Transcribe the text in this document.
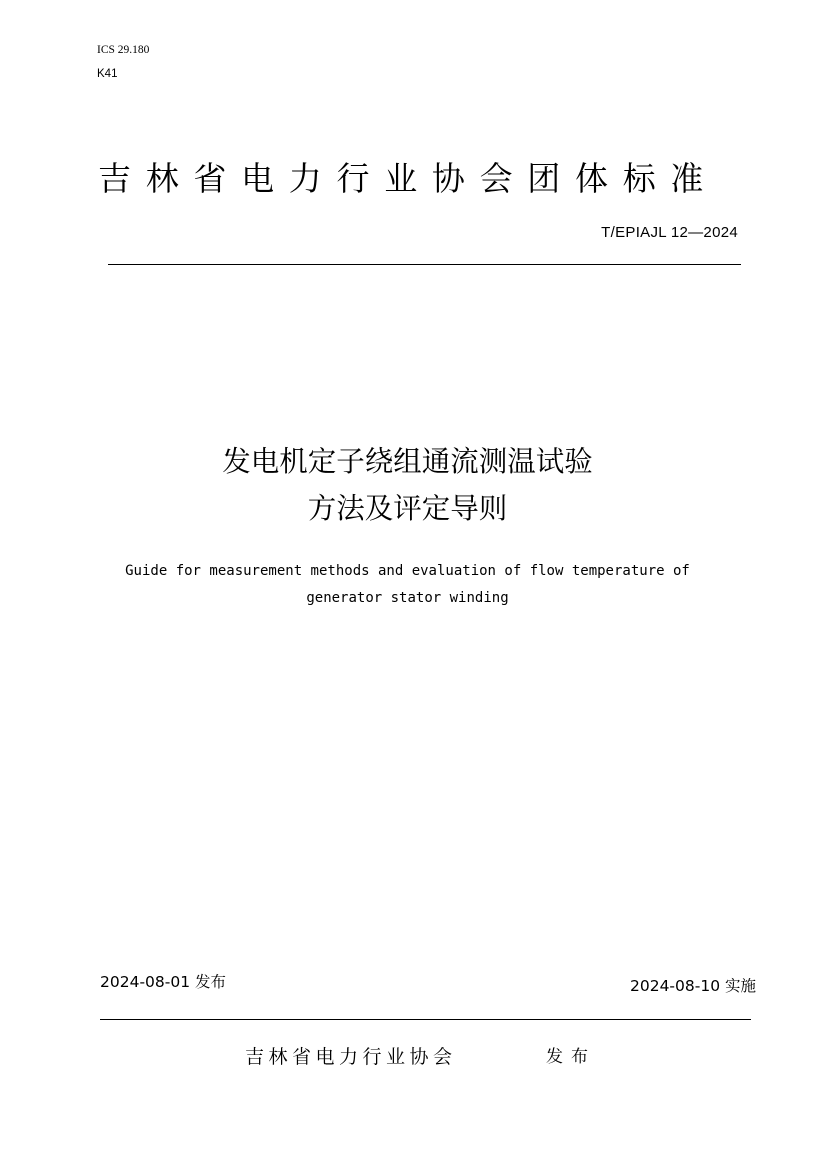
ICS 29.180
K41
吉林省电力行业协会团体标准
T/EPIAJL 12—2024
发电机定子绕组通流测温试验
方法及评定导则
Guide for measurement methods and evaluation of flow temperature of
generator stator winding
2024-08-01 发布	2024-08-10 实施
吉林省电力行业协会	发布
